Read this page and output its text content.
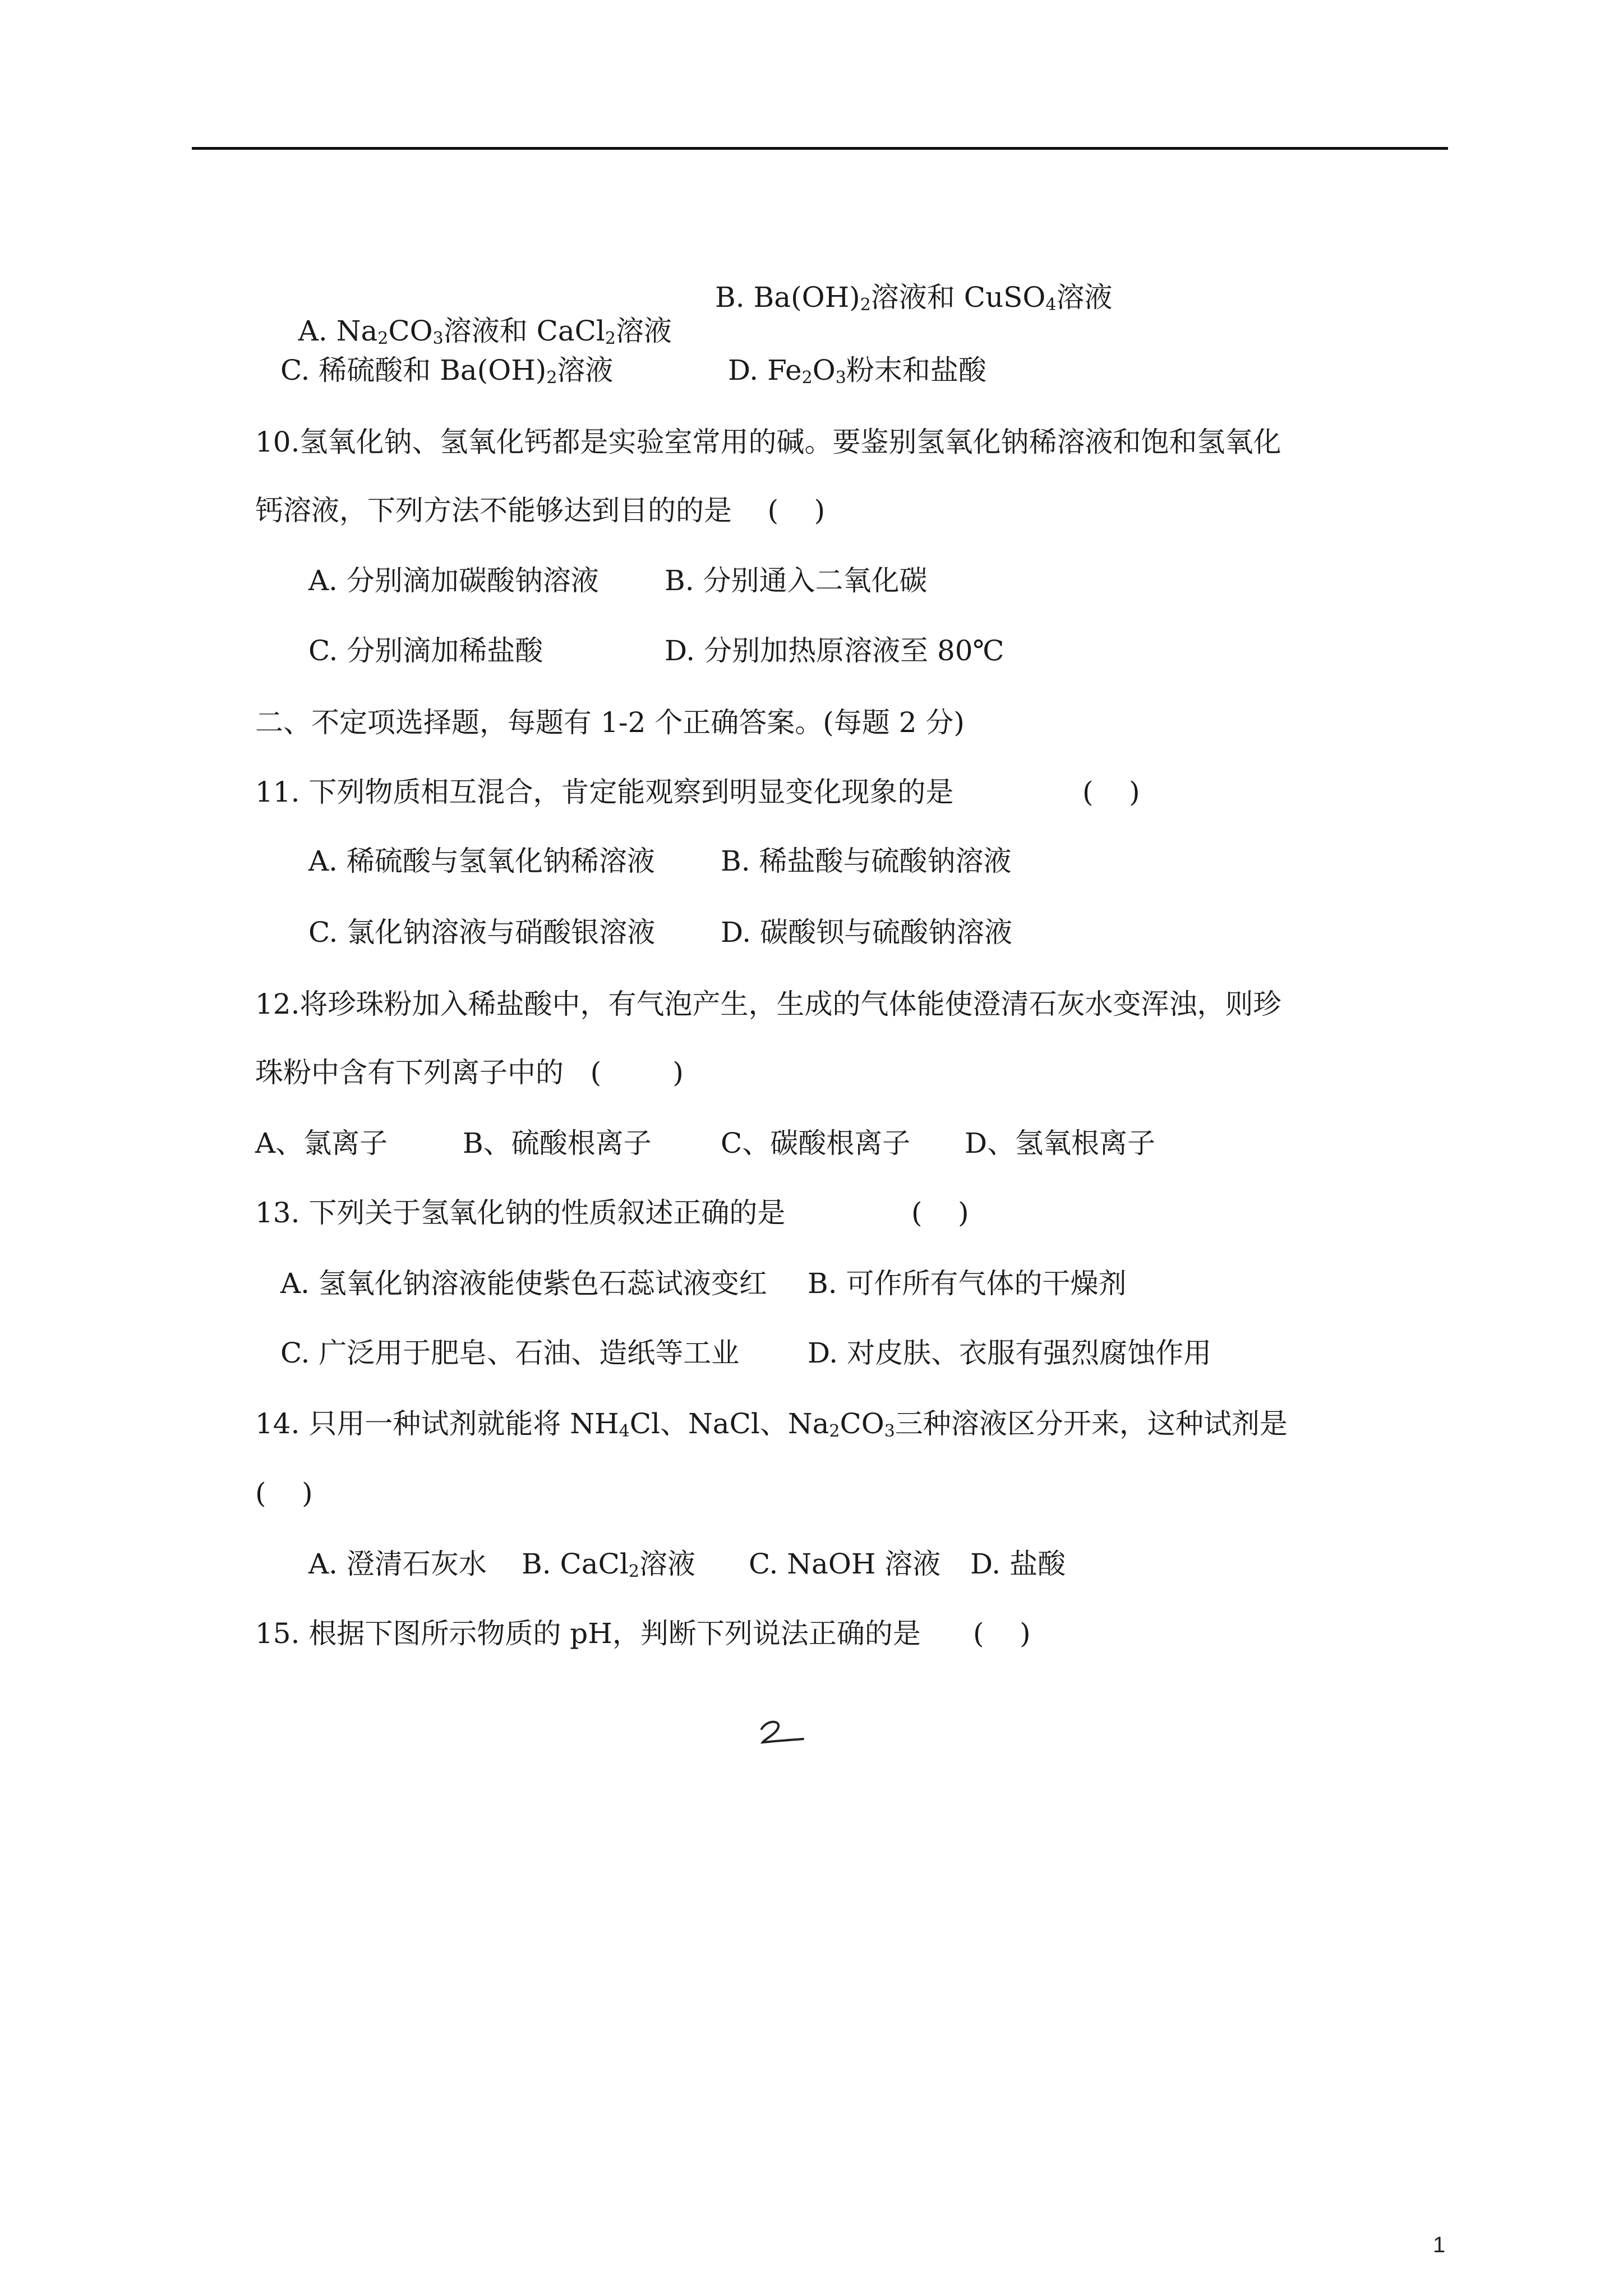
A. $Na_2CO_3$溶液和 CaCl$_2$溶液

B. $Ba(OH)_2$溶液和 CuSO$_4$溶液
C. 稀硫酸和 $Ba(OH)_2$溶液	D. $Fe_2O_3$粉末和盐酸
10.氢氧化钠、氢氧化钙都是实验室常用的碱。要鉴别氢氧化钠稀溶液和饱和氢氧化
钙溶液，下列方法不能够达到目的的是    (    )
A. 分别滴加碳酸钠溶液 B. 分别通入二氧化碳
C. 分别滴加稀盐酸	D. 分别加热原溶液至 80℃
二、不定项选择题，每题有 1-2 个正确答案。(每题 2 分)
11. 下列物质相互混合，肯定能观察到明显变化现象的是	(    )
A. 稀硫酸与氢氧化钠稀溶液 B. 稀盐酸与硫酸钠溶液
C. 氯化钠溶液与硝酸银溶液 D. 碳酸钡与硫酸钠溶液
12.将珍珠粉加入稀盐酸中，有气泡产生，生成的气体能使澄清石灰水变浑浊，则珍
珠粉中含有下列离子中的   (        )
A、氯离子	B、硫酸根离子 C、碳酸根离子 D、氢氧根离子
13. 下列关于氢氧化钠的性质叙述正确的是	(    )
A. 氢氧化钠溶液能使紫色石蕊试液变红 B. 可作所有气体的干燥剂
C. 广泛用于肥皂、石油、造纸等工业 D. 对皮肤、衣服有强烈腐蚀作用
14. 只用一种试剂就能将 $NH_4Cl$、NaCl、$Na_2CO_3$三种溶液区分开来，这种试剂是
(    )
A. 澄清石灰水 B. CaCl$_2$溶液 C. NaOH 溶液 D. 盐酸
15. 根据下图所示物质的 pH，判断下列说法正确的是 (    )
1
